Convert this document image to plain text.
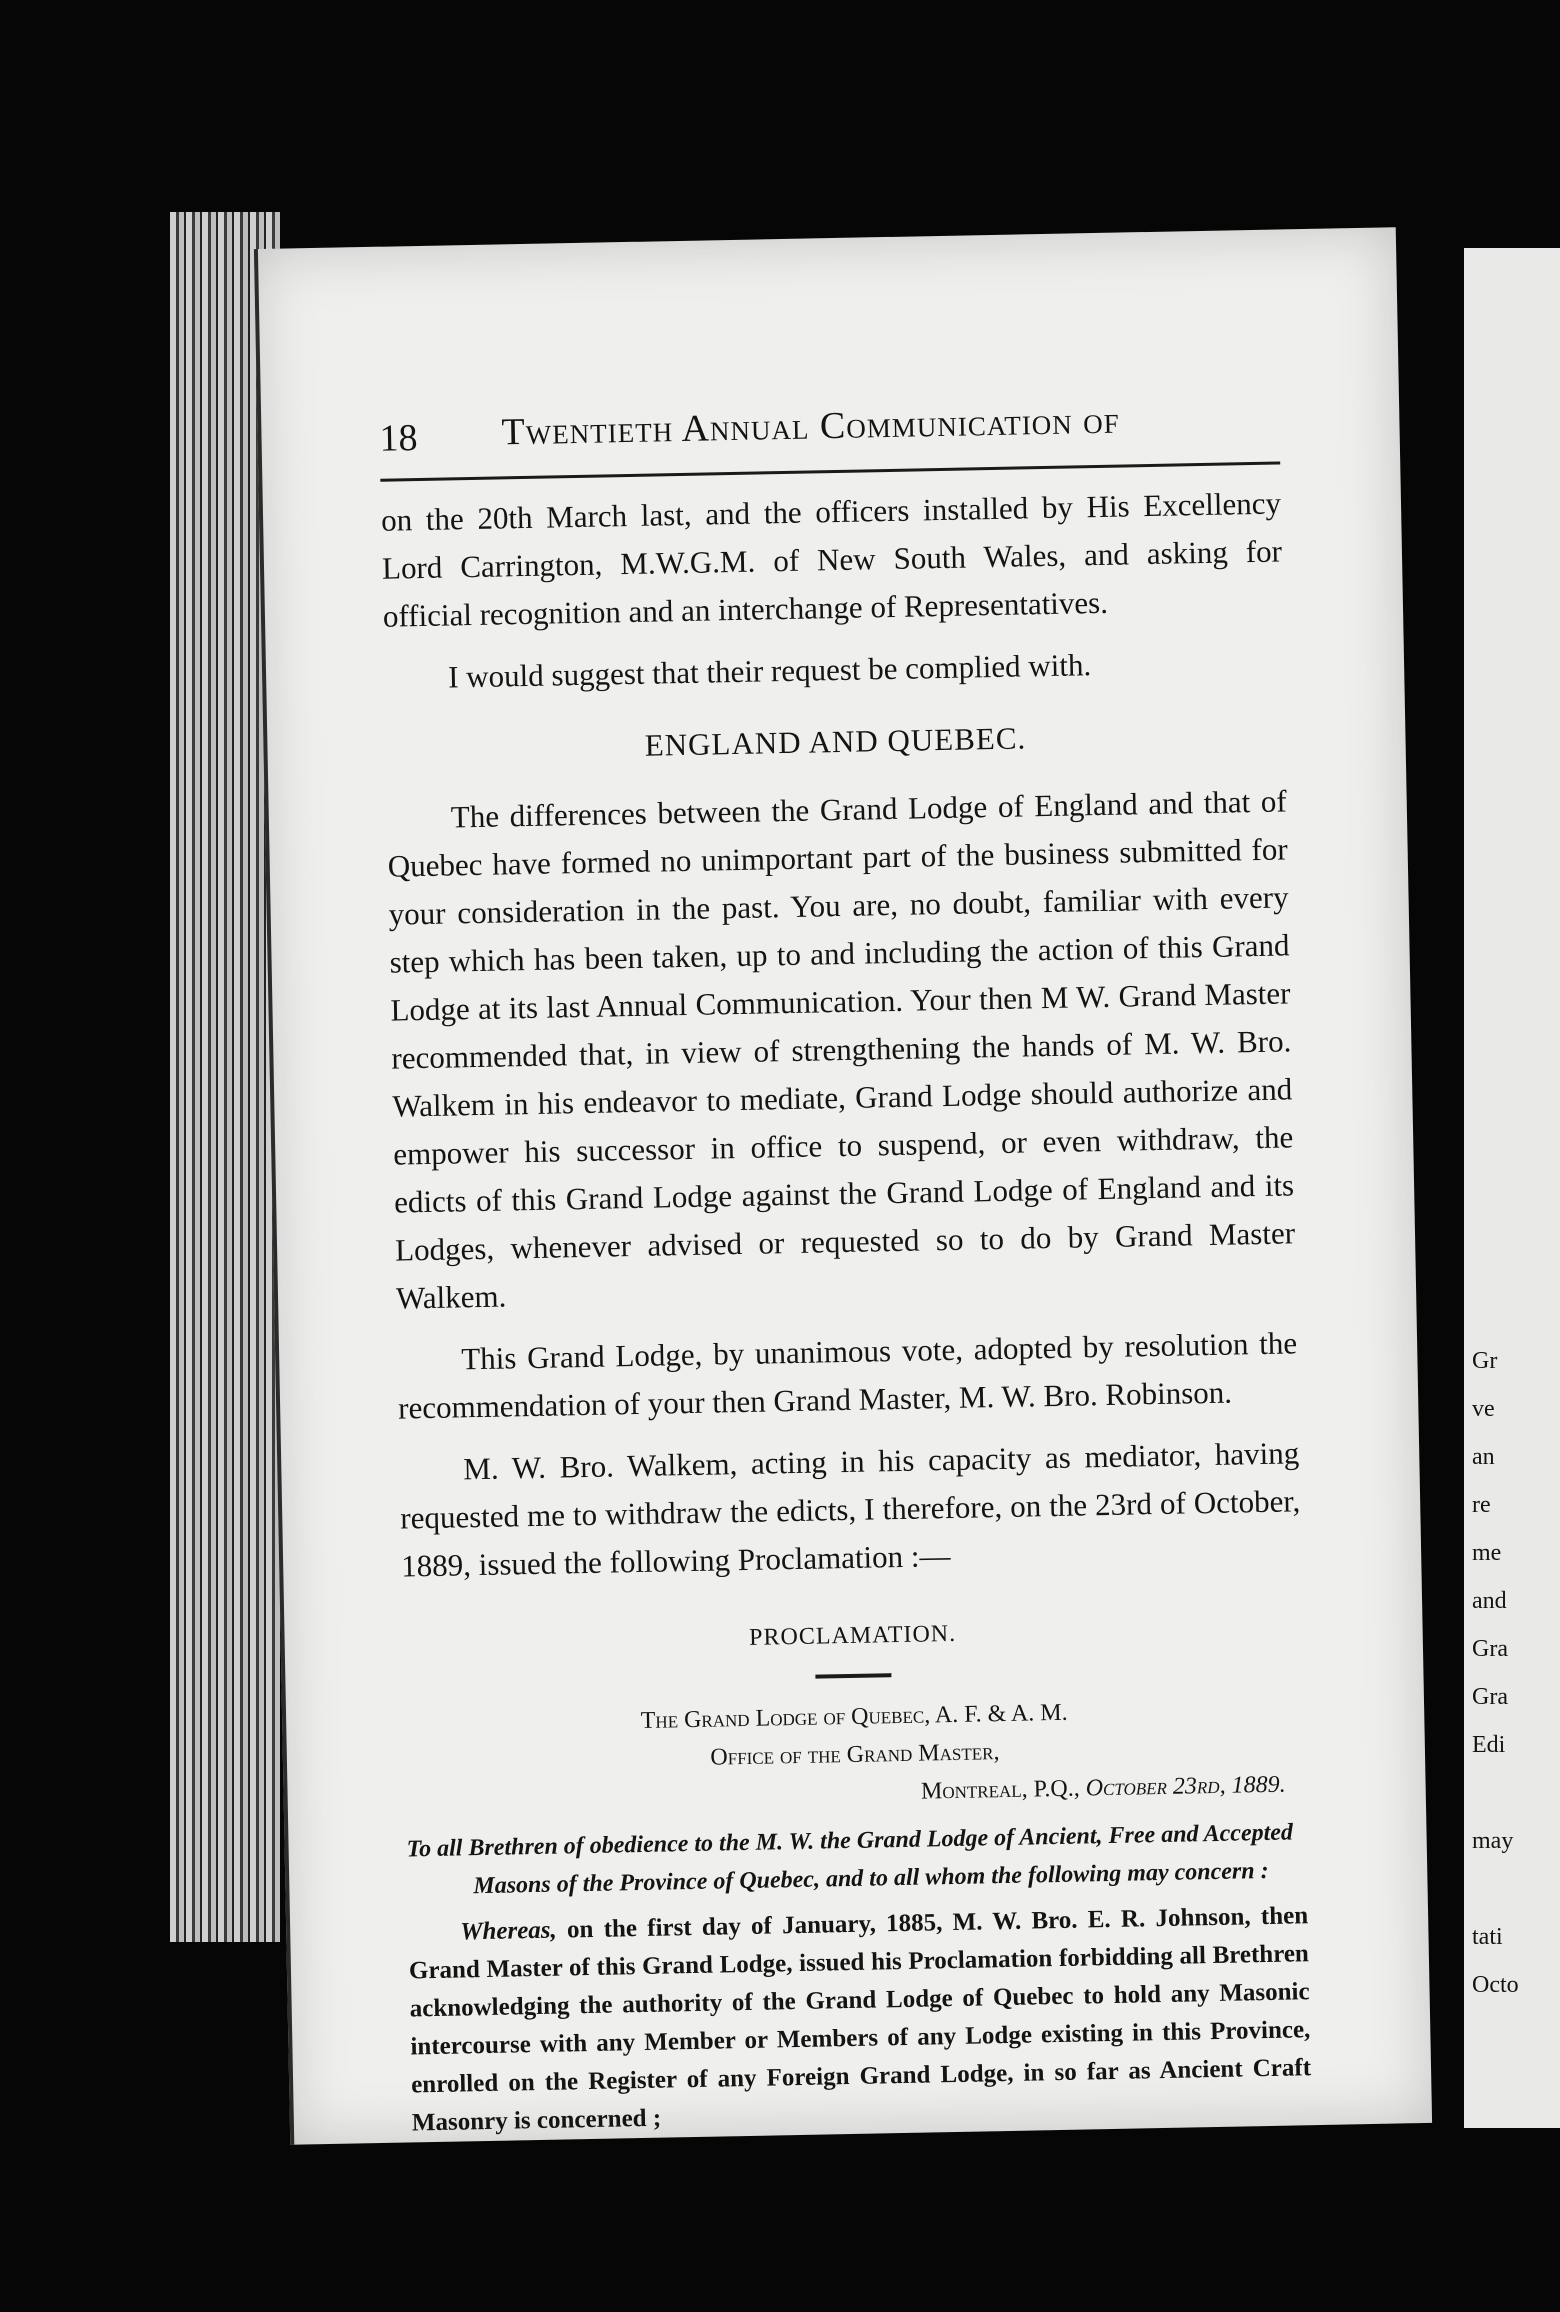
18 Twentieth Annual Communication of

on the 20th March last, and the officers installed by His Excellency Lord Carrington, M.W.G.M. of New South Wales, and asking for official recognition and an interchange of Representatives.

I would suggest that their request be complied with.

ENGLAND AND QUEBEC.

The differences between the Grand Lodge of England and that of Quebec have formed no unimportant part of the business submitted for your consideration in the past. You are, no doubt, familiar with every step which has been taken, up to and including the action of this Grand Lodge at its last Annual Communication. Your then M W. Grand Master recommended that, in view of strengthening the hands of M. W. Bro. Walkem in his endeavor to mediate, Grand Lodge should authorize and empower his successor in office to suspend, or even withdraw, the edicts of this Grand Lodge against the Grand Lodge of England and its Lodges, whenever advised or requested so to do by Grand Master Walkem.

This Grand Lodge, by unanimous vote, adopted by resolution the recommendation of your then Grand Master, M. W. Bro. Robinson.

M. W. Bro. Walkem, acting in his capacity as mediator, having requested me to withdraw the edicts, I therefore, on the 23rd of October, 1889, issued the following Proclamation :—

PROCLAMATION.
The Grand Lodge of Quebec, A. F. & A. M.
Office of the Grand Master,
Montreal, P.Q., October 23rd, 1889.
To all Brethren of obedience to the M. W. the Grand Lodge of Ancient, Free and Accepted Masons of the Province of Quebec, and to all whom the following may concern :
Whereas, on the first day of January, 1885, M. W. Bro. E. R. Johnson, then Grand Master of this Grand Lodge, issued his Proclamation forbidding all Brethren acknowledging the authority of the Grand Lodge of Quebec to hold any Masonic intercourse with any Member or Members of any Lodge existing in this Province, enrolled on the Register of any Foreign Grand Lodge, in so far as Ancient Craft Masonry is concerned ;
Gr
ve
an
re
me
and
Gra
Gra
Edi
may
tati
Octo
